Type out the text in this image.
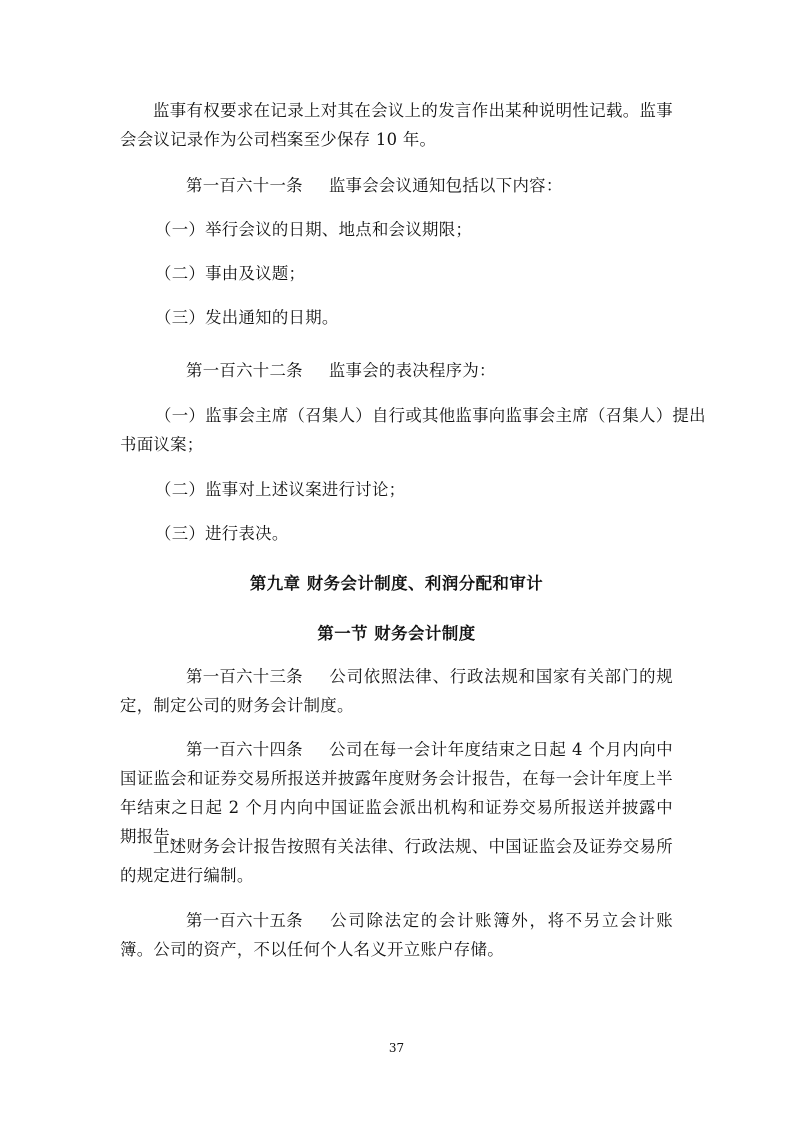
监事有权要求在记录上对其在会议上的发言作出某种说明性记载。监事会会议记录作为公司档案至少保存 10 年。

第一百六十一条 监事会会议通知包括以下内容：

（一）举行会议的日期、地点和会议期限；

（二）事由及议题；

（三）发出通知的日期。

第一百六十二条 监事会的表决程序为：

（一）监事会主席（召集人）自行或其他监事向监事会主席（召集人）提出

书面议案；

（二）监事对上述议案进行讨论；

（三）进行表决。

第九章 财务会计制度、利润分配和审计

第一节 财务会计制度

第一百六十三条 公司依照法律、行政法规和国家有关部门的规定，制定公司的财务会计制度。

第一百六十四条 公司在每一会计年度结束之日起 4 个月内向中国证监会和证券交易所报送并披露年度财务会计报告，在每一会计年度上半年结束之日起 2 个月内向中国证监会派出机构和证券交易所报送并披露中期报告。

上述财务会计报告按照有关法律、行政法规、中国证监会及证券交易所的规定进行编制。

第一百六十五条 公司除法定的会计账簿外，将不另立会计账簿。公司的资产，不以任何个人名义开立账户存储。

37
